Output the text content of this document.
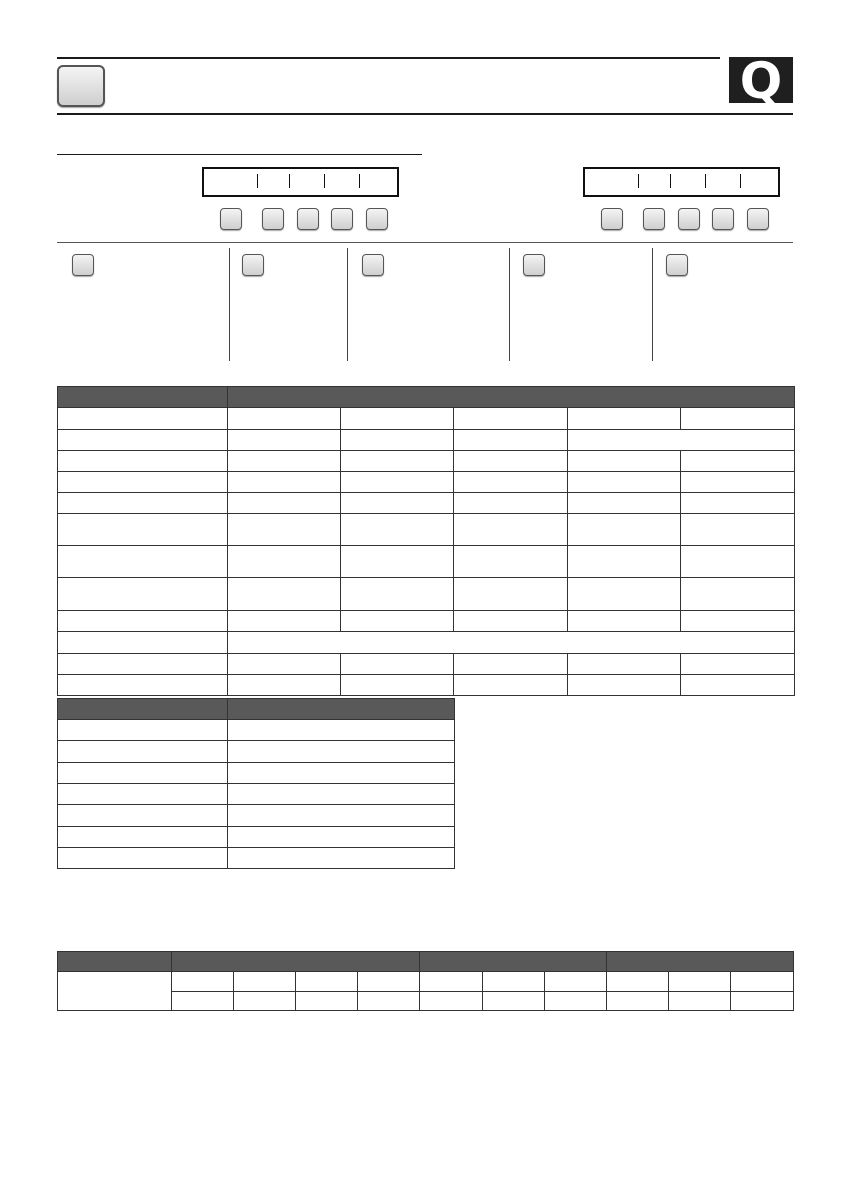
Q
